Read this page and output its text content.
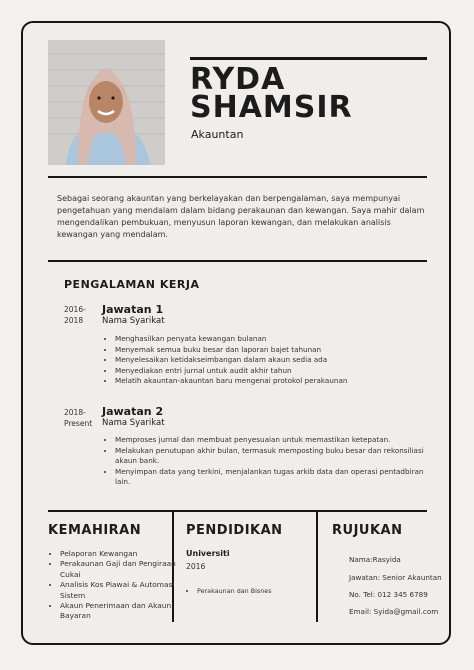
RYDA
SHAMSIR
Akauntan
Sebagai seorang akauntan yang berkelayakan dan berpengalaman, saya mempunyai pengetahuan yang mendalam dalam bidang perakaunan dan kewangan. Saya mahir dalam mengendalikan pembukuan, menyusun laporan kewangan, dan melakukan analisis kewangan yang mendalam.
PENGALAMAN KERJA
2016-
2018
Jawatan 1
Nama Syarikat
• Menghasilkan penyata kewangan bulanan
• Menyemak semua buku besar dan laporan bajet tahunan
• Menyelesaikan ketidakseimbangan dalam akaun sedia ada
• Menyediakan entri jurnal untuk audit akhir tahun
• Melatih akauntan-akauntan baru mengenai protokol perakaunan
2018-
Present
Jawatan 2
Nama Syarikat
• Memproses jurnal dan membuat penyesuaian untuk memastikan ketepatan.
• Melakukan penutupan akhir bulan, termasuk memposting buku besar dan rekonsiliasi akaun bank.
• Menyimpan data yang terkini, menjalankan tugas arkib data dan operasi pentadbiran lain.
KEMAHIRAN
• Pelaporan Kewangan
• Perakaunan Gaji dan Pengiraan Cukai
• Analisis Kos Piawai & Automasi Sistem
• Akaun Penerimaan dan Akaun Bayaran
PENDIDIKAN
Universiti
2016
• Perakaunan dan Bisnes
RUJUKAN
Nama:Rasyida
Jawatan: Senior Akauntan
No. Tel: 012 345 6789
Email: Syida@gmail.com
